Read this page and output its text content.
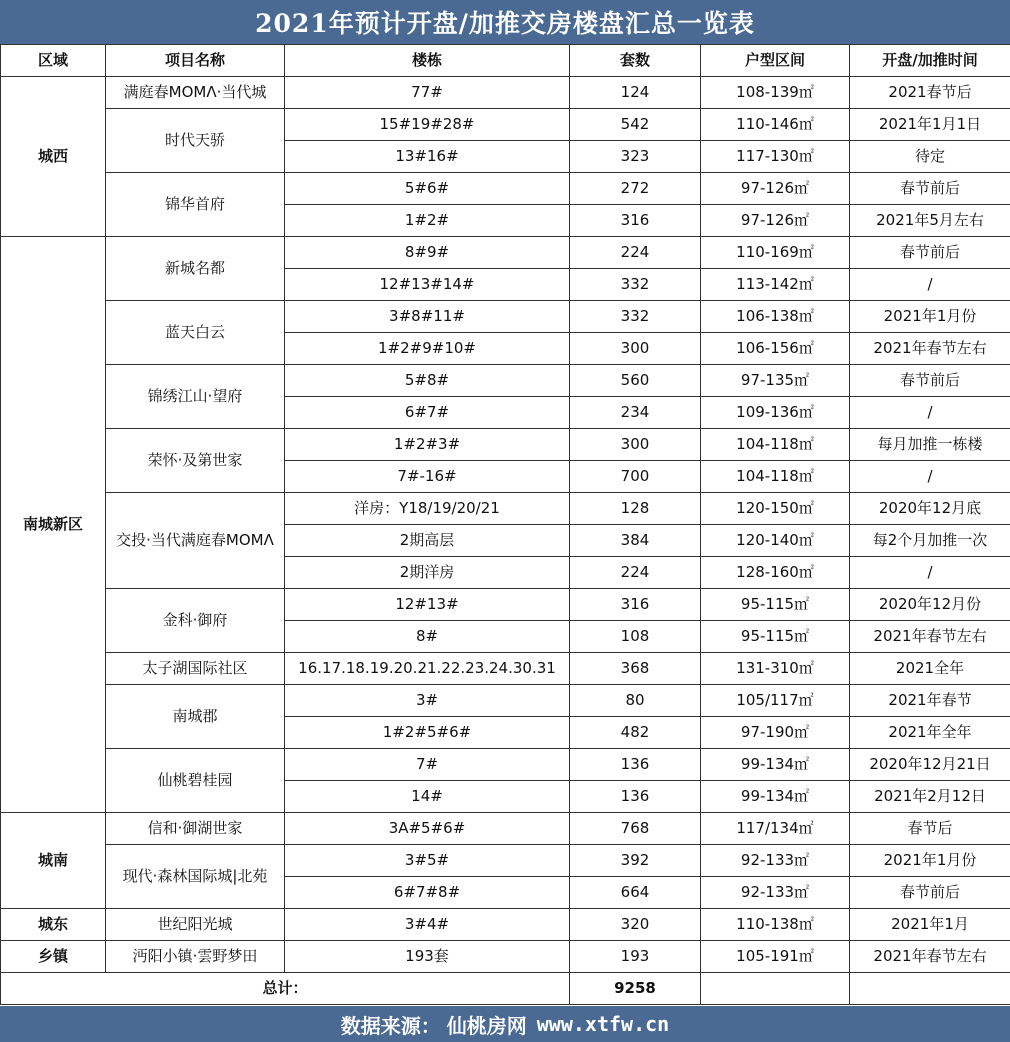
2021年预计开盘/加推交房楼盘汇总一览表
区域	项目名称	楼栋	套数	户型区间	开盘/加推时间
城西	满庭春MOMΛ·当代城	77#	124	108-139㎡	2021春节后
	时代天骄	15#19#28#	542	110-146㎡	2021年1月1日
		13#16#	323	117-130㎡	待定
	锦华首府	5#6#	272	97-126㎡	春节前后
		1#2#	316	97-126㎡	2021年5月左右
南城新区	新城名都	8#9#	224	110-169㎡	春节前后
		12#13#14#	332	113-142㎡	/
	蓝天白云	3#8#11#	332	106-138㎡	2021年1月份
		1#2#9#10#	300	106-156㎡	2021年春节左右
	锦绣江山·望府	5#8#	560	97-135㎡	春节前后
		6#7#	234	109-136㎡	/
	荣怀·及第世家	1#2#3#	300	104-118㎡	每月加推一栋楼
		7#-16#	700	104-118㎡	/
	交投·当代满庭春MOMΛ	洋房：Y18/19/20/21	128	120-150㎡	2020年12月底
		2期高层	384	120-140㎡	每2个月加推一次
		2期洋房	224	128-160㎡	/
	金科·御府	12#13#	316	95-115㎡	2020年12月份
		8#	108	95-115㎡	2021年春节左右
	太子湖国际社区	16.17.18.19.20.21.22.23.24.30.31	368	131-310㎡	2021全年
	南城郡	3#	80	105/117㎡	2021年春节
		1#2#5#6#	482	97-190㎡	2021年全年
	仙桃碧桂园	7#	136	99-134㎡	2020年12月21日
		14#	136	99-134㎡	2021年2月12日
城南	信和·御湖世家	3A#5#6#	768	117/134㎡	春节后
	现代·森林国际城|北苑	3#5#	392	92-133㎡	2021年1月份
		6#7#8#	664	92-133㎡	春节前后
城东	世纪阳光城	3#4#	320	110-138㎡	2021年1月
乡镇	沔阳小镇·雲野梦田	193套	193	105-191㎡	2021年春节左右
总计：			9258		
数据来源： 仙桃房网 www.xtfw.cn
